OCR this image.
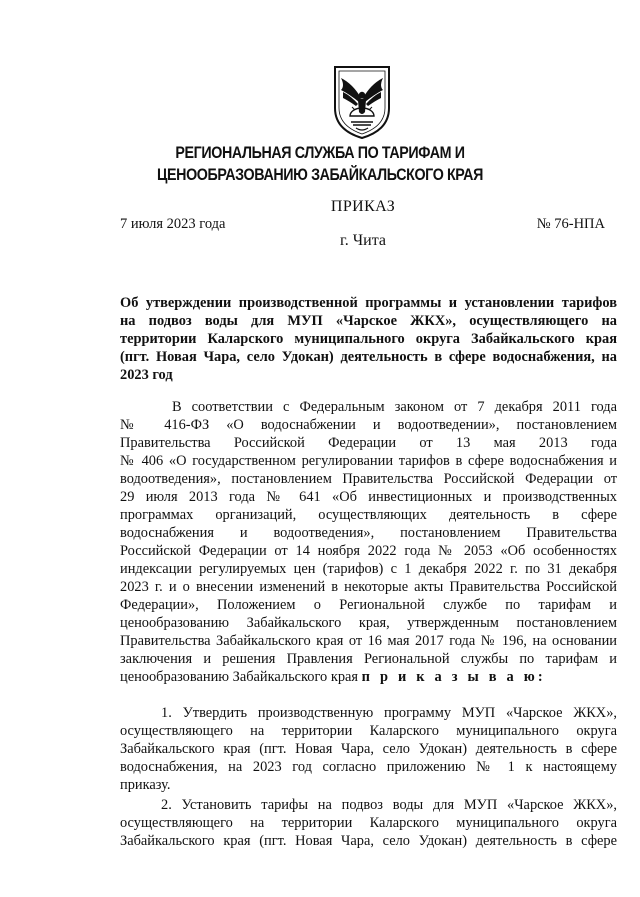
РЕГИОНАЛЬНАЯ СЛУЖБА ПО ТАРИФАМ И
ЦЕНООБРАЗОВАНИЮ ЗАБАЙКАЛЬСКОГО КРАЯ
ПРИКАЗ
7 июля 2023 года	№ 76-НПА
г. Чита
Об утверждении производственной программы и установлении тарифов
на подвоз воды для МУП «Чарское ЖКХ», осуществляющего на
территории Каларского муниципального округа Забайкальского края
(пгт. Новая Чара, село Удокан) деятельность в сфере водоснабжения, на
2023 год
В соответствии с Федеральным законом от 7 декабря 2011 года
№ 416-ФЗ «О водоснабжении и водоотведении», постановлением
Правительства Российской Федерации от 13 мая 2013 года
№ 406 «О государственном регулировании тарифов в сфере водоснабжения и
водоотведения», постановлением Правительства Российской Федерации от
29 июля 2013 года № 641 «Об инвестиционных и производственных
программах организаций, осуществляющих деятельность в сфере
водоснабжения и водоотведения», постановлением Правительства
Российской Федерации от 14 ноября 2022 года № 2053 «Об особенностях
индексации регулируемых цен (тарифов) с 1 декабря 2022 г. по 31 декабря
2023 г. и о внесении изменений в некоторые акты Правительства Российской
Федерации», Положением о Региональной службе по тарифам и
ценообразованию Забайкальского края, утвержденным постановлением
Правительства Забайкальского края от 16 мая 2017 года № 196, на основании
заключения и решения Правления Региональной службы по тарифам и
ценообразованию Забайкальского края п р и к а з ы в а ю:
1. Утвердить производственную программу МУП «Чарское ЖКХ»,
осуществляющего на территории Каларского муниципального округа
Забайкальского края (пгт. Новая Чара, село Удокан) деятельность в сфере
водоснабжения, на 2023 год согласно приложению № 1 к настоящему
приказу.
2. Установить тарифы на подвоз воды для МУП «Чарское ЖКХ»,
осуществляющего на территории Каларского муниципального округа
Забайкальского края (пгт. Новая Чара, село Удокан) деятельность в сфере
